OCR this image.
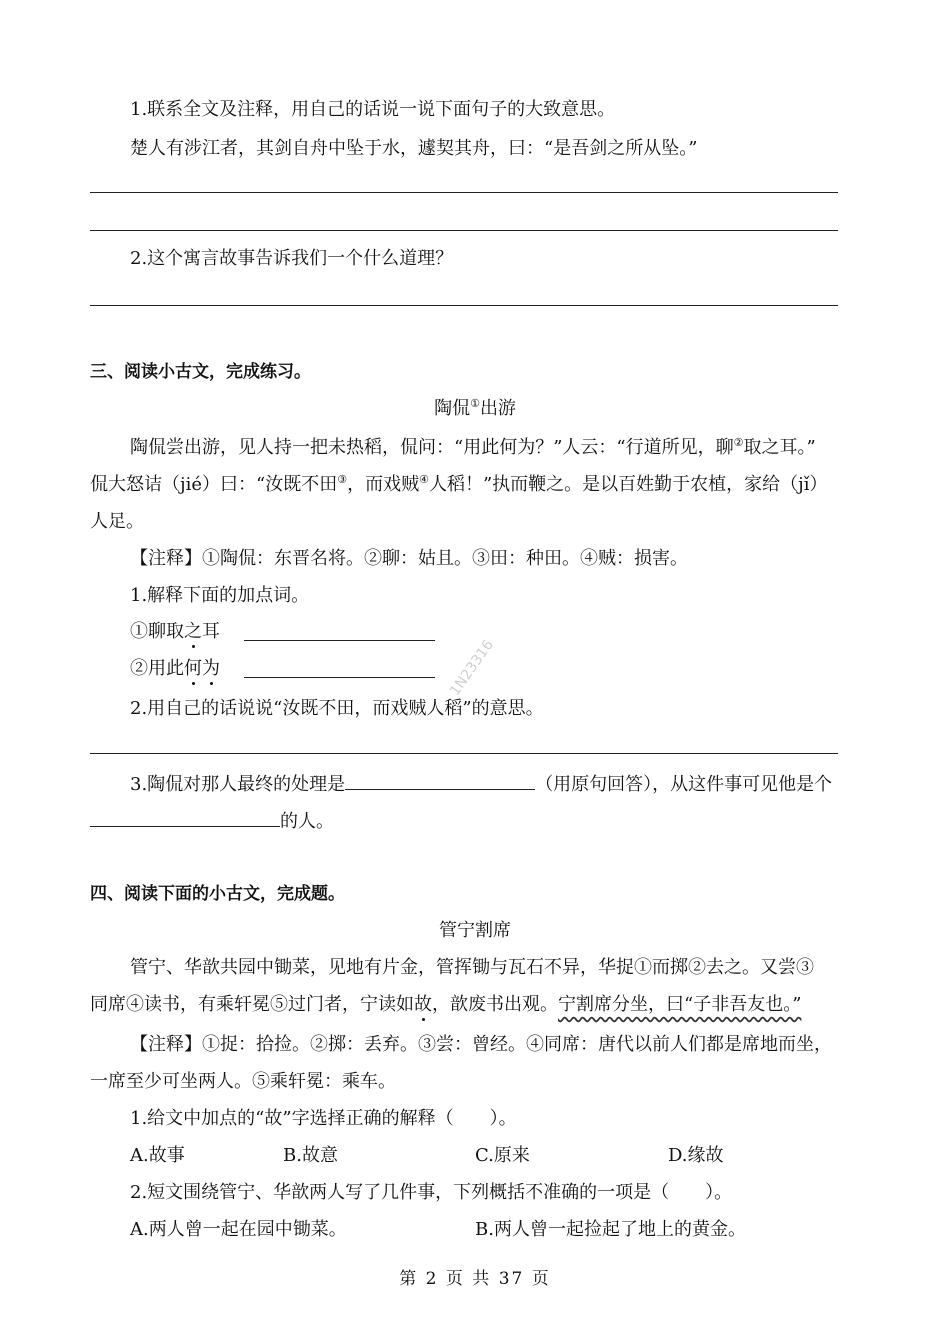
1.联系全文及注释，用自己的话说一说下面句子的大致意思。
楚人有涉江者，其剑自舟中坠于水，遽契其舟，曰：“是吾剑之所从坠。”
2.这个寓言故事告诉我们一个什么道理？
三、阅读小古文，完成练习。
陶侃①出游
陶侃尝出游，见人持一把未热稻，侃问：“用此何为？”人云：“行道所见，聊②取之耳。”
侃大怒诘（jié）曰：“汝既不田③，而戏贼④人稻！”执而鞭之。是以百姓勤于农植，家给（jǐ）
人足。
【注释】①陶侃：东晋名将。②聊：姑且。③田：种田。④贼：损害。
1.解释下面的加点词。
①聊取之耳
②用此何为
2.用自己的话说说“汝既不田，而戏贼人稻”的意思。
3.陶侃对那人最终的处理是	（用原句回答），从这件事可见他是个
的人。
1N23316
四、阅读下面的小古文，完成题。
管宁割席
管宁、华歆共园中锄菜，见地有片金，管挥锄与瓦石不异，华捉①而掷②去之。又尝③
同席④读书，有乘轩冕⑤过门者，宁读如故，歆废书出观。宁割席分坐，曰“子非吾友也。”
【注释】①捉：拾捡。②掷：丢弃。③尝：曾经。④同席：唐代以前人们都是席地而坐，
一席至少可坐两人。⑤乘轩冕：乘车。
1.给文中加点的“故”字选择正确的解释（　　）。
A.故事	B.故意	C.原来	D.缘故
2.短文围绕管宁、华歆两人写了几件事，下列概括不准确的一项是（　　）。
A.两人曾一起在园中锄菜。	B.两人曾一起捡起了地上的黄金。
第 2 页 共 37 页
